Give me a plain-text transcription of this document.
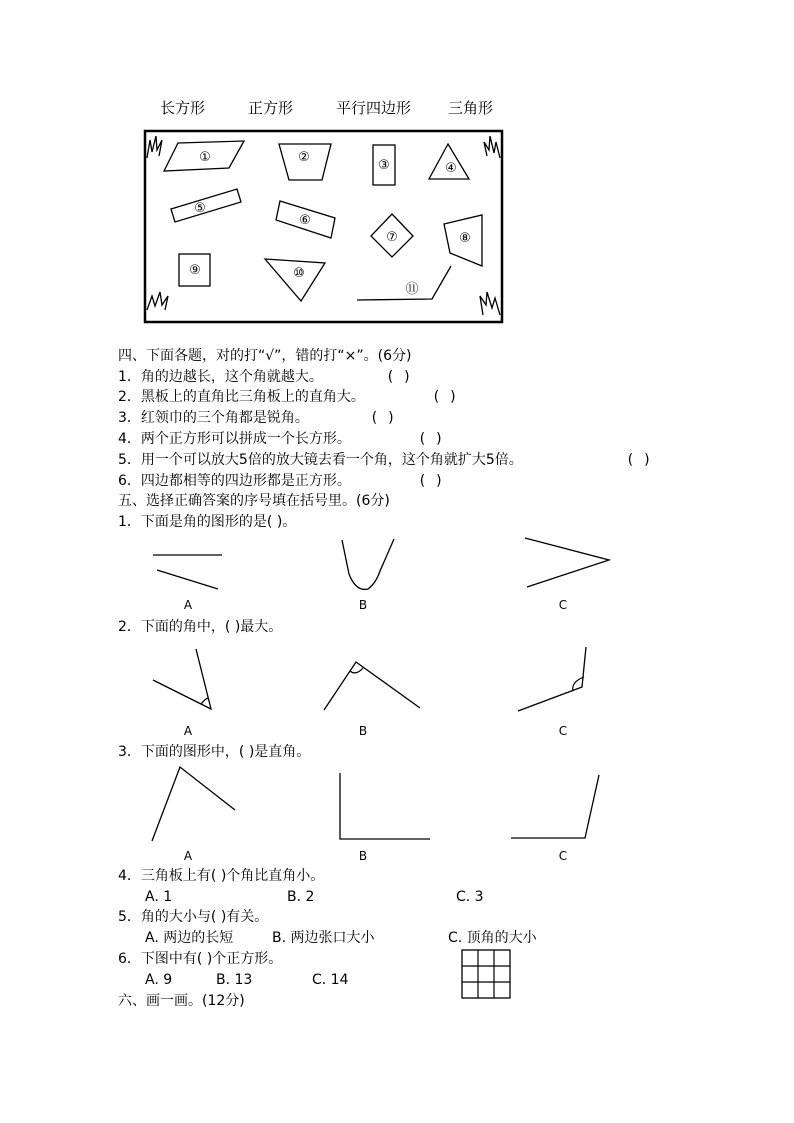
长方形	正方形	平行四边形 三角形
①	②
③	④
⑤
⑥
⑦	⑧
⑨	⑩
⑪
四、下面各题，对的打“√”，错的打“×”。(6分)
1．角的边越长，这个角就越大。	( )
2．黑板上的直角比三角板上的直角大。	( )
3．红领巾的三个角都是锐角。	( )
4．两个正方形可以拼成一个长方形。	( )
5．用一个可以放大5倍的放大镜去看一个角，这个角就扩大5倍。	( )
6．四边都相等的四边形都是正方形。	( )
五、选择正确答案的序号填在括号里。(6分)
1．下面是角的图形的是( )。
A	B	C
2．下面的角中，( )最大。
A	B	C
3．下面的图形中，( )是直角。
A	B	C
4．三角板上有( )个角比直角小。
A. 1	B. 2	C. 3
5．角的大小与( )有关。
A. 两边的长短	B. 两边张口大小	C. 顶角的大小
6．下图中有( )个正方形。
A. 9	B. 13	C. 14
六、画一画。(12分)
